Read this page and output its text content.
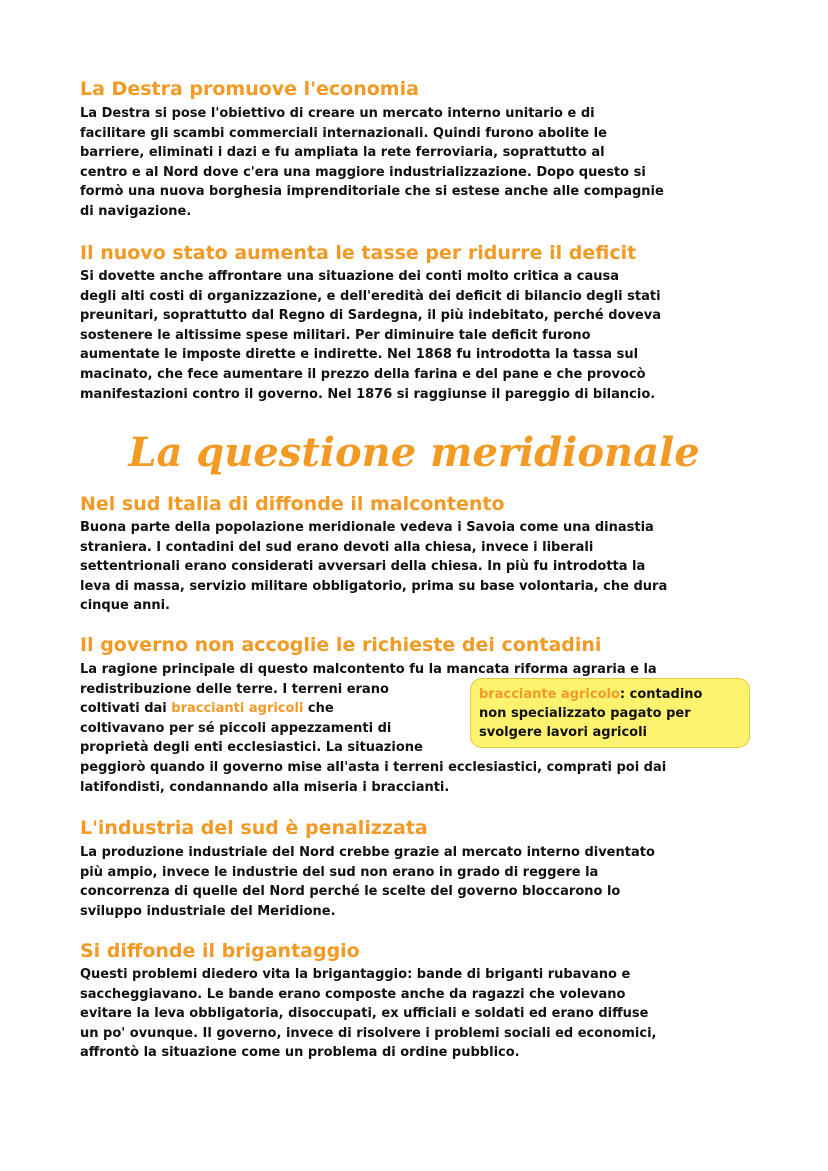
La Destra promuove l'economia

La Destra si pose l'obiettivo di creare un mercato interno unitario e di
facilitare gli scambi commerciali internazionali. Quindi furono abolite le
barriere, eliminati i dazi e fu ampliata la rete ferroviaria, soprattutto al
centro e al Nord dove c'era una maggiore industrializzazione. Dopo questo si
formò una nuova borghesia imprenditoriale che si estese anche alle compagnie
di navigazione.

Il nuovo stato aumenta le tasse per ridurre il deficit

Si dovette anche affrontare una situazione dei conti molto critica a causa
degli alti costi di organizzazione, e dell'eredità dei deficit di bilancio degli stati
preunitari, soprattutto dal Regno di Sardegna, il più indebitato, perché doveva
sostenere le altissime spese militari. Per diminuire tale deficit furono
aumentate le imposte dirette e indirette. Nel 1868 fu introdotta la tassa sul
macinato, che fece aumentare il prezzo della farina e del pane e che provocò
manifestazioni contro il governo. Nel 1876 si raggiunse il pareggio di bilancio.

La questione meridionale
Nel sud Italia di diffonde il malcontento

Buona parte della popolazione meridionale vedeva i Savoia come una dinastia
straniera. I contadini del sud erano devoti alla chiesa, invece i liberali
settentrionali erano considerati avversari della chiesa. In più fu introdotta la
leva di massa, servizio militare obbligatorio, prima su base volontaria, che dura
cinque anni.

Il governo non accoglie le richieste dei contadini

La ragione principale di questo malcontento fu la mancata riforma agraria e la
redistribuzione delle terre. I terreni erano
coltivati dai braccianti agricoli che
coltivavano per sé piccoli appezzamenti di
proprietà degli enti ecclesiastici. La situazione
peggiorò quando il governo mise all'asta i terreni ecclesiastici, comprati poi dai
latifondisti, condannando alla miseria i braccianti.

bracciante agricolo: contadino
non specializzato pagato per
svolgere lavori agricoli
L'industria del sud è penalizzata

La produzione industriale del Nord crebbe grazie al mercato interno diventato
più ampio, invece le industrie del sud non erano in grado di reggere la
concorrenza di quelle del Nord perché le scelte del governo bloccarono lo
sviluppo industriale del Meridione.

Si diffonde il brigantaggio

Questi problemi diedero vita la brigantaggio: bande di briganti rubavano e
saccheggiavano. Le bande erano composte anche da ragazzi che volevano
evitare la leva obbligatoria, disoccupati, ex ufficiali e soldati ed erano diffuse
un po' ovunque. Il governo, invece di risolvere i problemi sociali ed economici,
affrontò la situazione come un problema di ordine pubblico.
